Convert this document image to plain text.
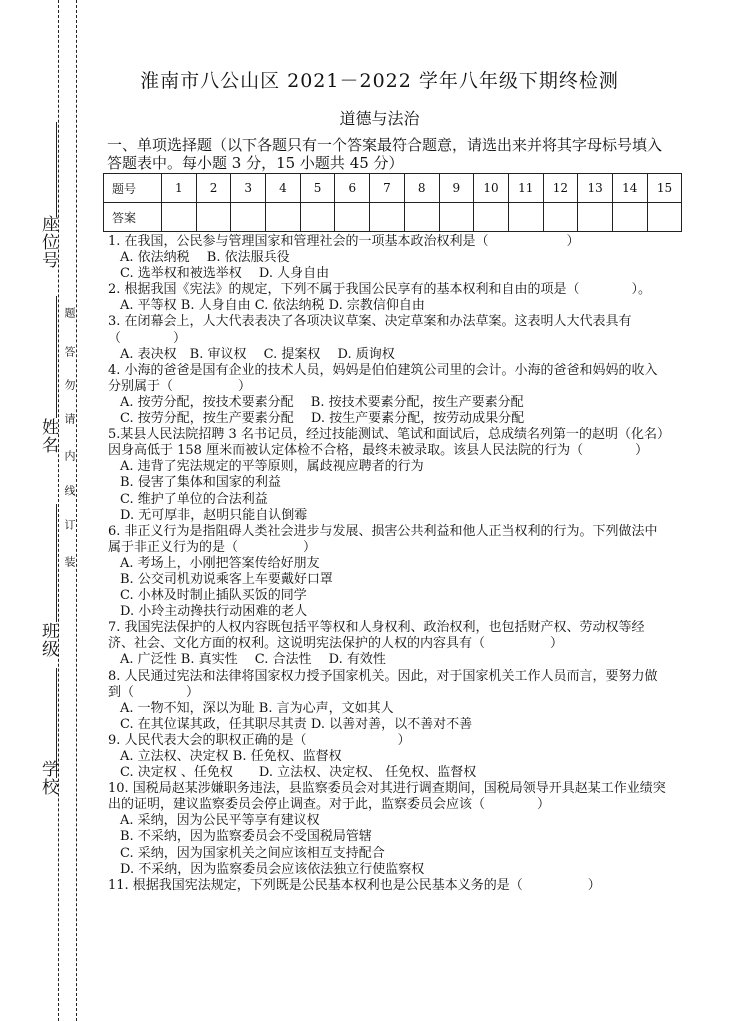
座位号
姓名
班级
学校
题
答
勿
请
内
线
订
装
淮南市八公山区 2021－2022 学年八年级下期终检测
道德与法治
一、单项选择题（以下各题只有一个答案最符合题意，请选出来并将其字母标号填入答题表中。每小题 3 分，15 小题共 45 分）
题号	1	2	3	4	5	6	7	8	9	10	11	12	13	14	15
答案															

1. 在我国，公民参与管理国家和管理社会的一项基本政治权利是（　　　　　　）

A. 依法纳税　 B. 依法服兵役

C. 选举权和被选举权　 D. 人身自由

2. 根据我国《宪法》的规定，下列不属于我国公民享有的基本权利和自由的项是（　　　　）。

A. 平等权 B. 人身自由 C. 依法纳税 D. 宗教信仰自由

3. 在闭幕会上，人大代表表决了各项决议草案、决定草案和办法草案。这表明人大代表具有（　　　　）

A. 表决权　B. 审议权　 C. 提案权　 D. 质询权

4. 小海的爸爸是国有企业的技术人员，妈妈是伯伯建筑公司里的会计。小海的爸爸和妈妈的收入分别属于（　　　　　）

A. 按劳分配，按技术要素分配　 B. 按技术要素分配，按生产要素分配

C. 按劳分配，按生产要素分配　 D. 按生产要素分配，按劳动成果分配

5.某县人民法院招聘 3 名书记员，经过技能测试、笔试和面试后，总成绩名列第一的赵明（化名）因身高低于 158 厘米而被认定体检不合格，最终未被录取。该县人民法院的行为（　　　　）

A. 违背了宪法规定的平等原则，属歧视应聘者的行为

B. 侵害了集体和国家的利益

C. 维护了单位的合法利益

D. 无可厚非，赵明只能自认倒霉

6. 非正义行为是指阻碍人类社会进步与发展、损害公共利益和他人正当权利的行为。下列做法中属于非正义行为的是（　　　　　）

A. 考场上，小刚把答案传给好朋友

B. 公交司机劝说乘客上车要戴好口罩

C. 小林及时制止插队买饭的同学

D. 小玲主动搀扶行动困难的老人

7. 我国宪法保护的人权内容既包括平等权和人身权利、政治权利，也包括财产权、劳动权等经济、社会、文化方面的权利。这说明宪法保护的人权的内容具有（　　　　　）

A. 广泛性 B. 真实性　 C. 合法性　 D. 有效性

8. 人民通过宪法和法律将国家权力授予国家机关。因此，对于国家机关工作人员而言，要努力做到（　　　　）

A. 一物不知，深以为耻 B. 言为心声，文如其人

C. 在其位谋其政，任其职尽其责 D. 以善对善，以不善对不善

9. 人民代表大会的职权正确的是（　　　　　　　）

A. 立法权、决定权 B. 任免权、监督权

C. 决定权 、任免权　　D. 立法权、决定权、 任免权、监督权

10. 国税局赵某涉嫌职务违法，县监察委员会对其进行调查期间，国税局领导开具赵某工作业绩突出的证明，建议监察委员会停止调查。对于此，监察委员会应该（　　　　）

A. 采纳，因为公民平等享有建议权

B. 不采纳，因为监察委员会不受国税局管辖

C. 采纳，因为国家机关之间应该相互支持配合

D. 不采纳，因为监察委员会应该依法独立行使监察权

11. 根据我国宪法规定，下列既是公民基本权利也是公民基本义务的是（　　　　　）
